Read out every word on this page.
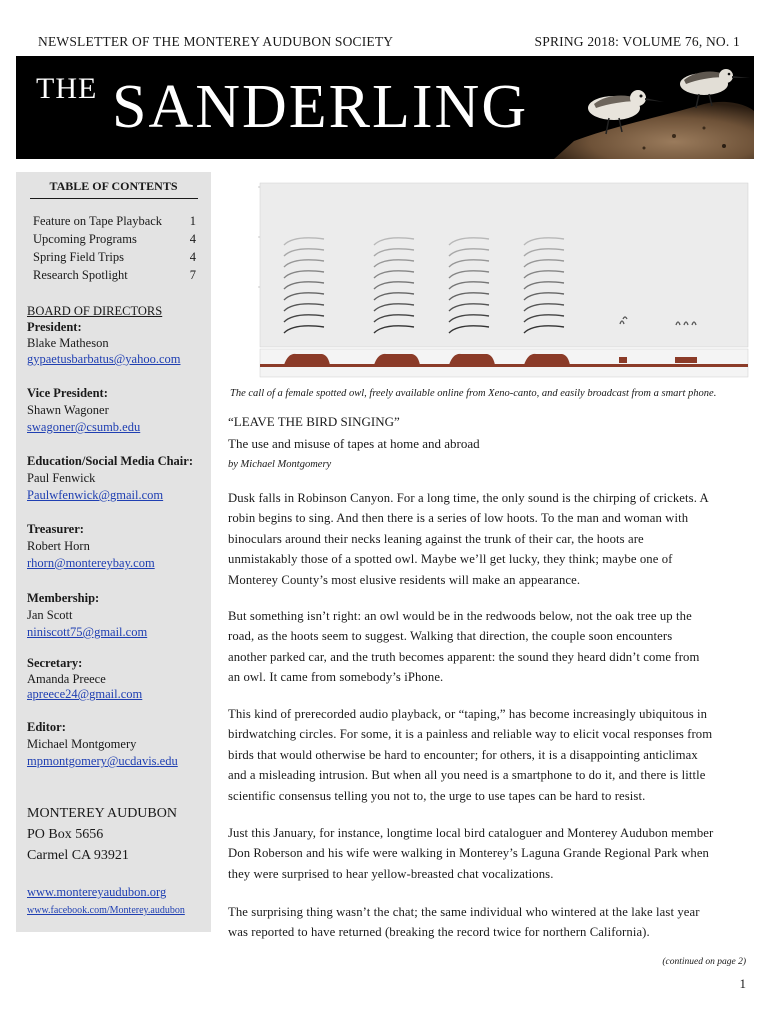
NEWSLETTER OF THE MONTEREY AUDUBON SOCIETY	SPRING 2018: VOLUME 76, NO. 1
THE SANDERLING
TABLE OF CONTENTS
Feature on Tape Playback 1
Upcoming Programs	4
Spring Field Trips	4
Research Spotlight	7
BOARD OF DIRECTORS
President:
Blake Matheson
gypaetusbarbatus@yahoo.com
Vice President:
Shawn Wagoner
swagoner@csumb.edu
Education/Social Media Chair:
Paul Fenwick
Paulwfenwick@gmail.com
Treasurer:
Robert Horn
rhorn@montereybay.com
Membership:
Jan Scott
niniscott75@gmail.com
Secretary:
Amanda Preece
apreece24@gmail.com
Editor:
Michael Montgomery
mpmontgomery@ucdavis.edu
MONTEREY AUDUBON
PO Box 5656
Carmel CA 93921
www.montereyaudubon.org
www.facebook.com/Monterey.audubon
The call of a female spotted owl, freely available online from Xeno-canto, and easily broadcast from a smart phone.
“LEAVE THE BIRD SINGING”
The use and misuse of tapes at home and abroad
by Michael Montgomery
Dusk falls in Robinson Canyon. For a long time, the only sound is the chirping of crickets. A
robin begins to sing. And then there is a series of low hoots. To the man and woman with
binoculars around their necks leaning against the trunk of their car, the hoots are
unmistakably those of a spotted owl. Maybe we’ll get lucky, they think; maybe one of
Monterey County’s most elusive residents will make an appearance.
But something isn’t right: an owl would be in the redwoods below, not the oak tree up the
road, as the hoots seem to suggest. Walking that direction, the couple soon encounters
another parked car, and the truth becomes apparent: the sound they heard didn’t come from
an owl. It came from somebody’s iPhone.
This kind of prerecorded audio playback, or “taping,” has become increasingly ubiquitous in
birdwatching circles. For some, it is a painless and reliable way to elicit vocal responses from
birds that would otherwise be hard to encounter; for others, it is a disappointing anticlimax
and a misleading intrusion. But when all you need is a smartphone to do it, and there is little
scientific consensus telling you not to, the urge to use tapes can be hard to resist.
Just this January, for instance, longtime local bird cataloguer and Monterey Audubon member
Don Roberson and his wife were walking in Monterey’s Laguna Grande Regional Park when
they were surprised to hear yellow-breasted chat vocalizations.
The surprising thing wasn’t the chat; the same individual who wintered at the lake last year
was reported to have returned (breaking the record twice for northern California).
(continued on page 2)
1
